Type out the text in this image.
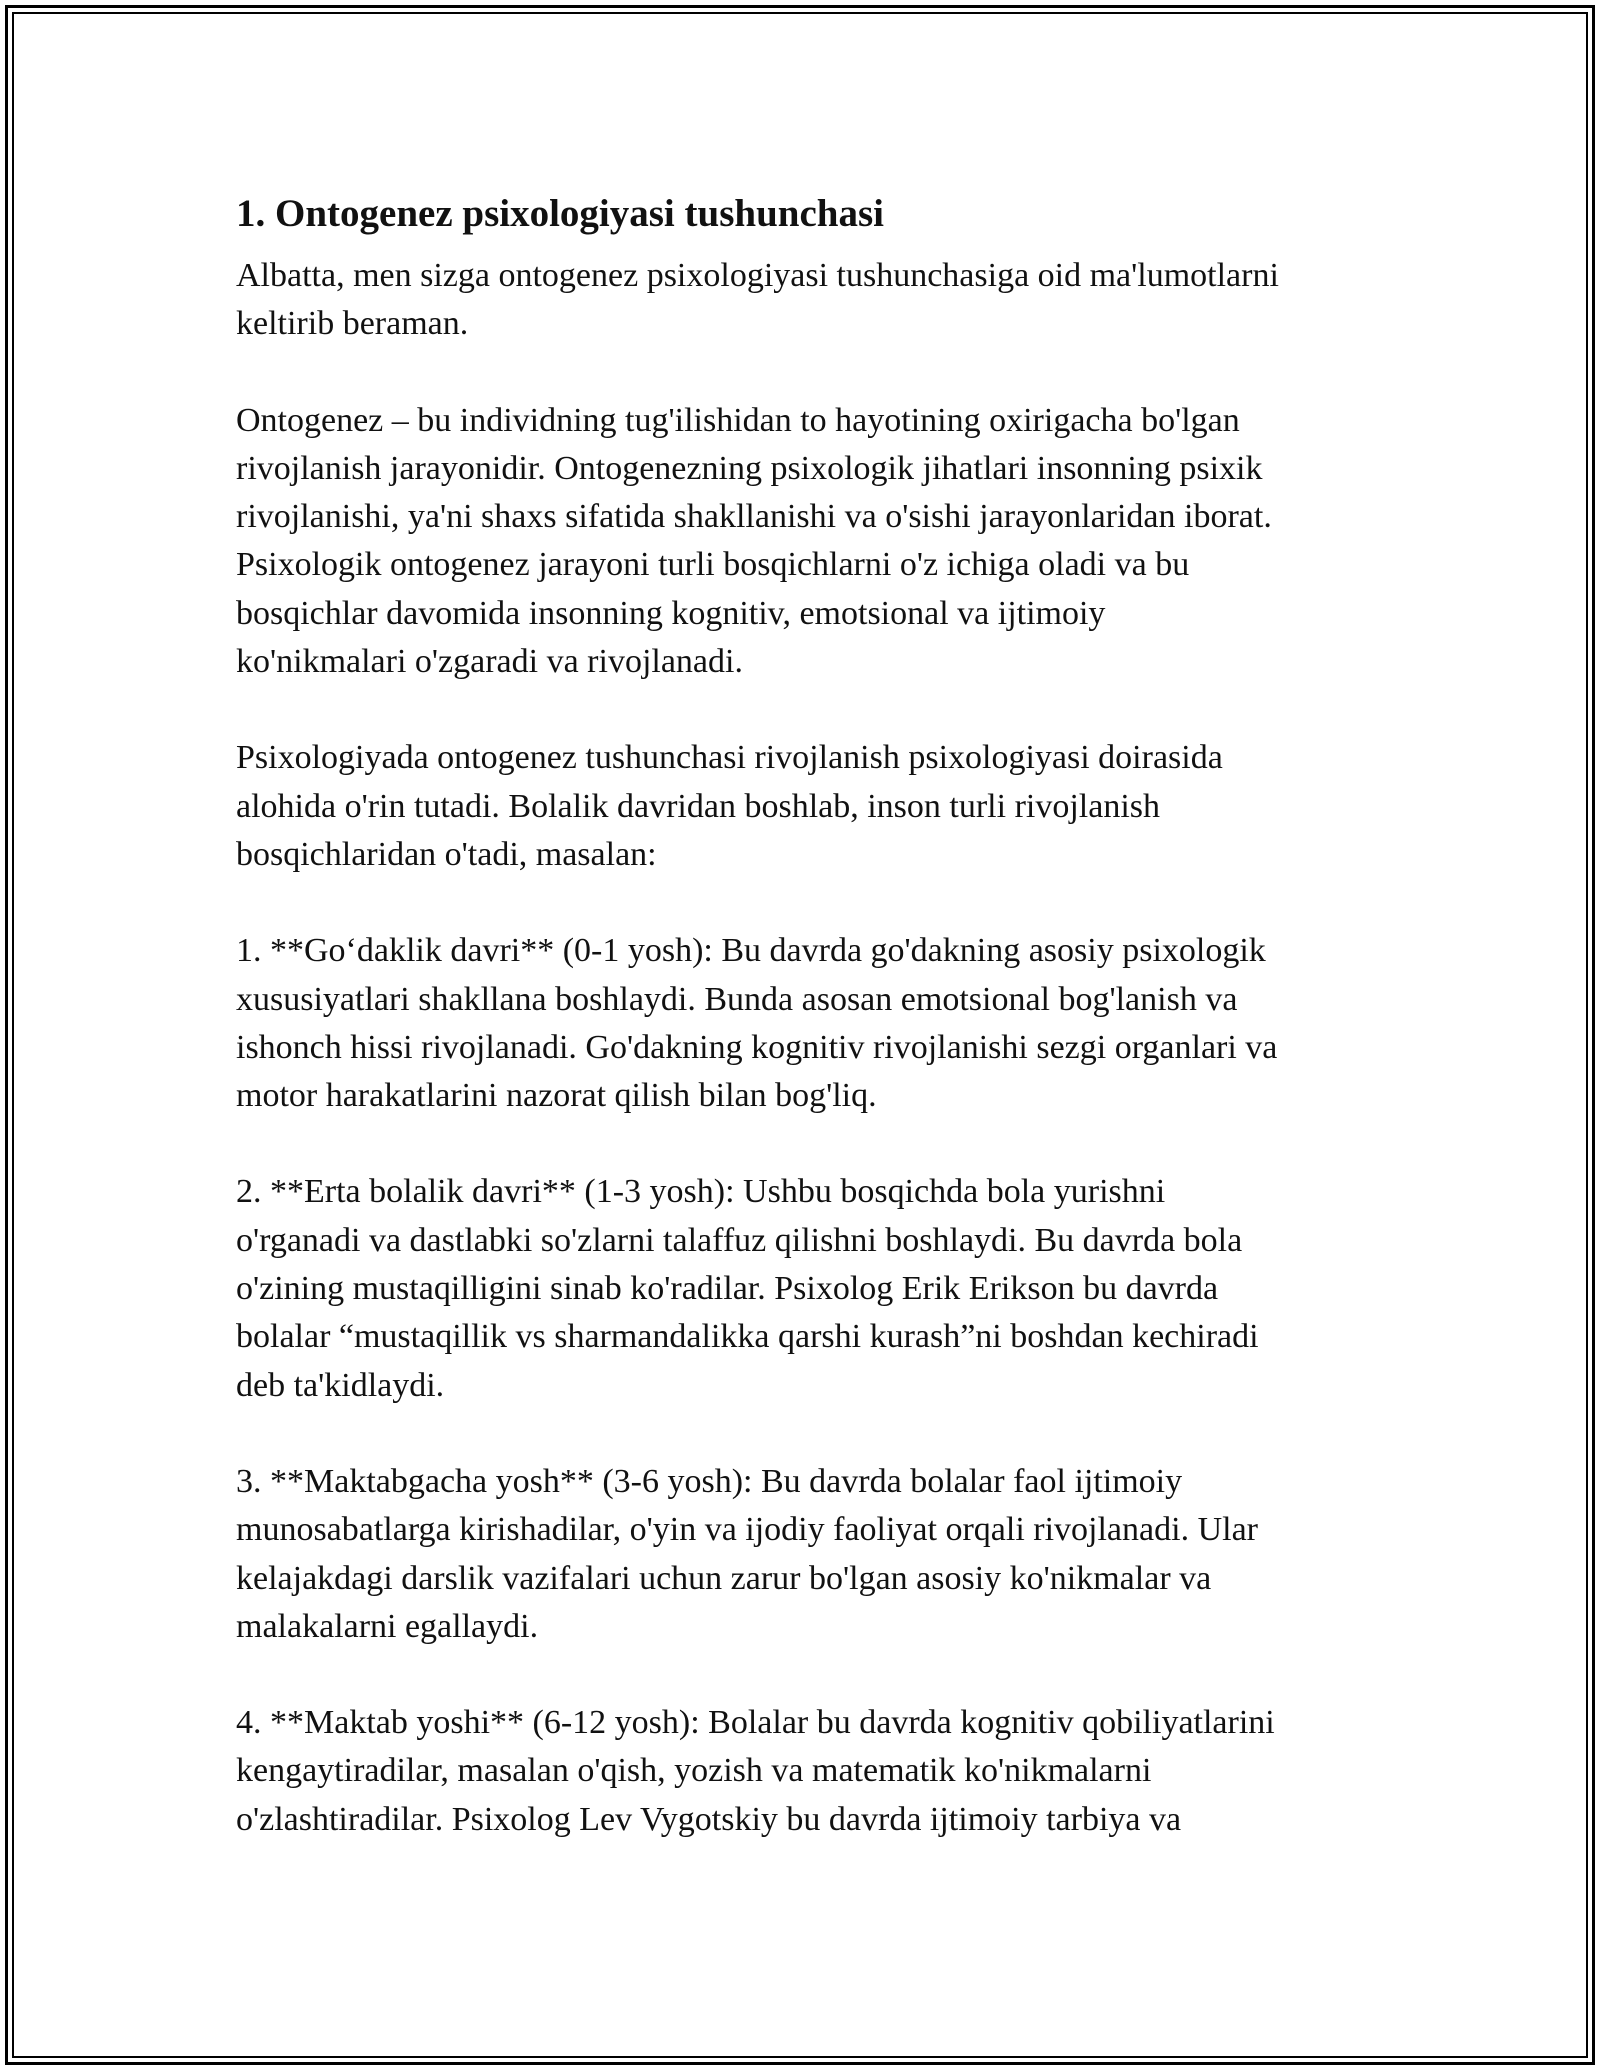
1. Ontogenez psixologiyasi tushunchasi
Albatta, men sizga ontogenez psixologiyasi tushunchasiga oid ma'lumotlarni
keltirib beraman.
Ontogenez – bu individning tug'ilishidan to hayotining oxirigacha bo'lgan
rivojlanish jarayonidir. Ontogenezning psixologik jihatlari insonning psixik
rivojlanishi, ya'ni shaxs sifatida shakllanishi va o'sishi jarayonlaridan iborat.
Psixologik ontogenez jarayoni turli bosqichlarni o'z ichiga oladi va bu
bosqichlar davomida insonning kognitiv, emotsional va ijtimoiy
ko'nikmalari o'zgaradi va rivojlanadi.
Psixologiyada ontogenez tushunchasi rivojlanish psixologiyasi doirasida
alohida o'rin tutadi. Bolalik davridan boshlab, inson turli rivojlanish
bosqichlaridan o'tadi, masalan:
1. **Go‘daklik davri** (0-1 yosh): Bu davrda go'dakning asosiy psixologik
xususiyatlari shakllana boshlaydi. Bunda asosan emotsional bog'lanish va
ishonch hissi rivojlanadi. Go'dakning kognitiv rivojlanishi sezgi organlari va
motor harakatlarini nazorat qilish bilan bog'liq.
2. **Erta bolalik davri** (1-3 yosh): Ushbu bosqichda bola yurishni
o'rganadi va dastlabki so'zlarni talaffuz qilishni boshlaydi. Bu davrda bola
o'zining mustaqilligini sinab ko'radilar. Psixolog Erik Erikson bu davrda
bolalar “mustaqillik vs sharmandalikka qarshi kurash”ni boshdan kechiradi
deb ta'kidlaydi.
3. **Maktabgacha yosh** (3-6 yosh): Bu davrda bolalar faol ijtimoiy
munosabatlarga kirishadilar, o'yin va ijodiy faoliyat orqali rivojlanadi. Ular
kelajakdagi darslik vazifalari uchun zarur bo'lgan asosiy ko'nikmalar va
malakalarni egallaydi.
4. **Maktab yoshi** (6-12 yosh): Bolalar bu davrda kognitiv qobiliyatlarini
kengaytiradilar, masalan o'qish, yozish va matematik ko'nikmalarni
o'zlashtiradilar. Psixolog Lev Vygotskiy bu davrda ijtimoiy tarbiya va
